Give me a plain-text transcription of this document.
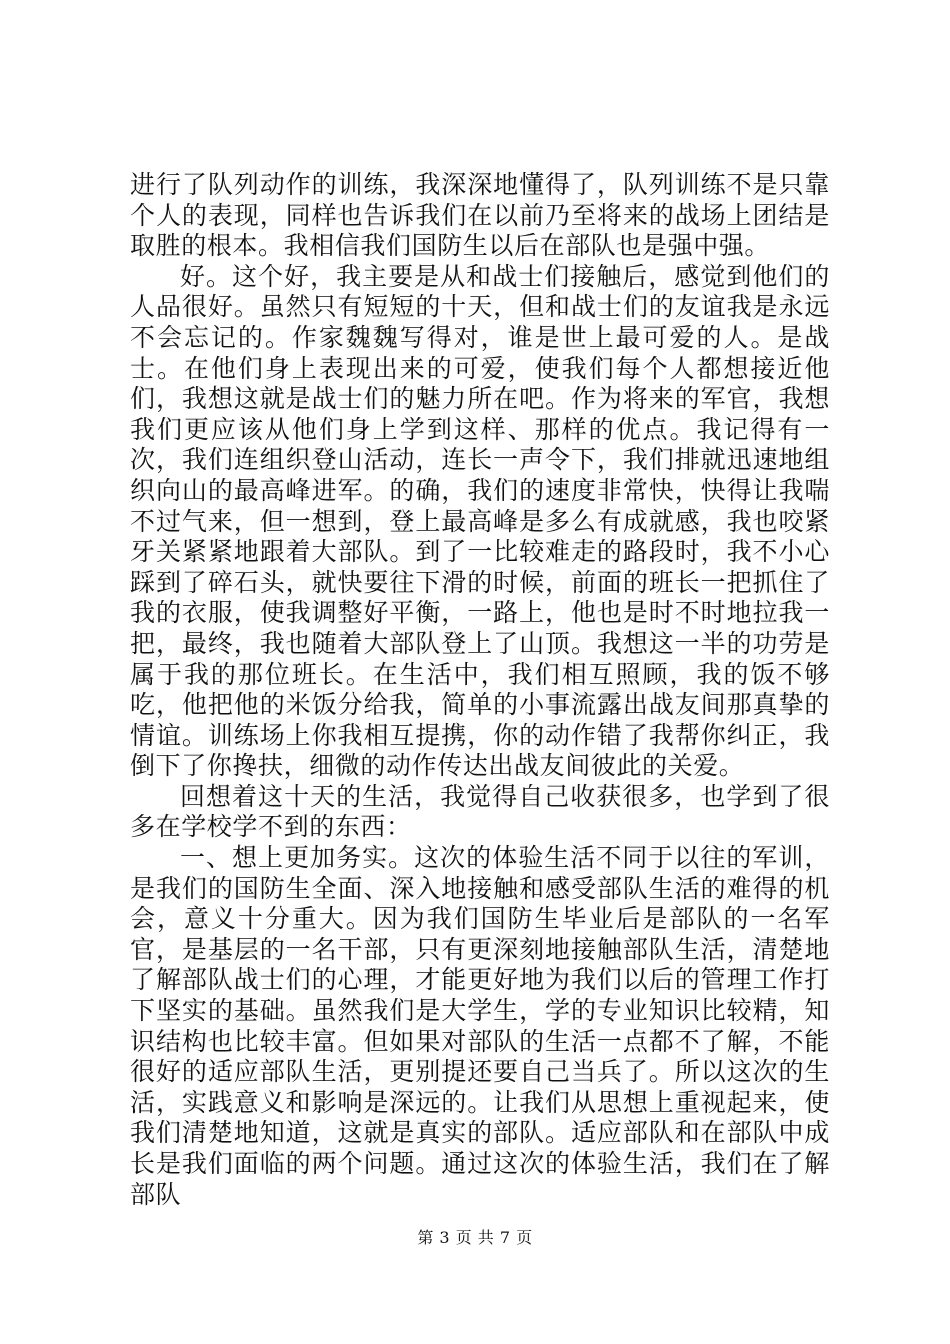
进行了队列动作的训练，我深深地懂得了，队列训练不是只靠个人的表现，同样也告诉我们在以前乃至将来的战场上团结是取胜的根本。我相信我们国防生以后在部队也是强中强。

好。这个好，我主要是从和战士们接触后，感觉到他们的人品很好。虽然只有短短的十天，但和战士们的友谊我是永远不会忘记的。作家魏魏写得对，谁是世上最可爱的人。是战士。在他们身上表现出来的可爱，使我们每个人都想接近他们，我想这就是战士们的魅力所在吧。作为将来的军官，我想我们更应该从他们身上学到这样、那样的优点。我记得有一次，我们连组织登山活动，连长一声令下，我们排就迅速地组织向山的最高峰进军。的确，我们的速度非常快，快得让我喘不过气来，但一想到，登上最高峰是多么有成就感，我也咬紧牙关紧紧地跟着大部队。到了一比较难走的路段时，我不小心踩到了碎石头，就快要往下滑的时候，前面的班长一把抓住了我的衣服，使我调整好平衡，一路上，他也是时不时地拉我一把，最终，我也随着大部队登上了山顶。我想这一半的功劳是属于我的那位班长。在生活中，我们相互照顾，我的饭不够吃，他把他的米饭分给我，简单的小事流露出战友间那真挚的情谊。训练场上你我相互提携，你的动作错了我帮你纠正，我倒下了你搀扶，细微的动作传达出战友间彼此的关爱。

回想着这十天的生活，我觉得自己收获很多，也学到了很多在学校学不到的东西：

一、想上更加务实。这次的体验生活不同于以往的军训，是我们的国防生全面、深入地接触和感受部队生活的难得的机会，意义十分重大。因为我们国防生毕业后是部队的一名军官，是基层的一名干部，只有更深刻地接触部队生活，清楚地了解部队战士们的心理，才能更好地为我们以后的管理工作打下坚实的基础。虽然我们是大学生，学的专业知识比较精，知识结构也比较丰富。但如果对部队的生活一点都不了解，不能很好的适应部队生活，更别提还要自己当兵了。所以这次的生活，实践意义和影响是深远的。让我们从思想上重视起来，使我们清楚地知道，这就是真实的部队。适应部队和在部队中成长是我们面临的两个问题。通过这次的体验生活，我们在了解部队

第 3 页 共 7 页
